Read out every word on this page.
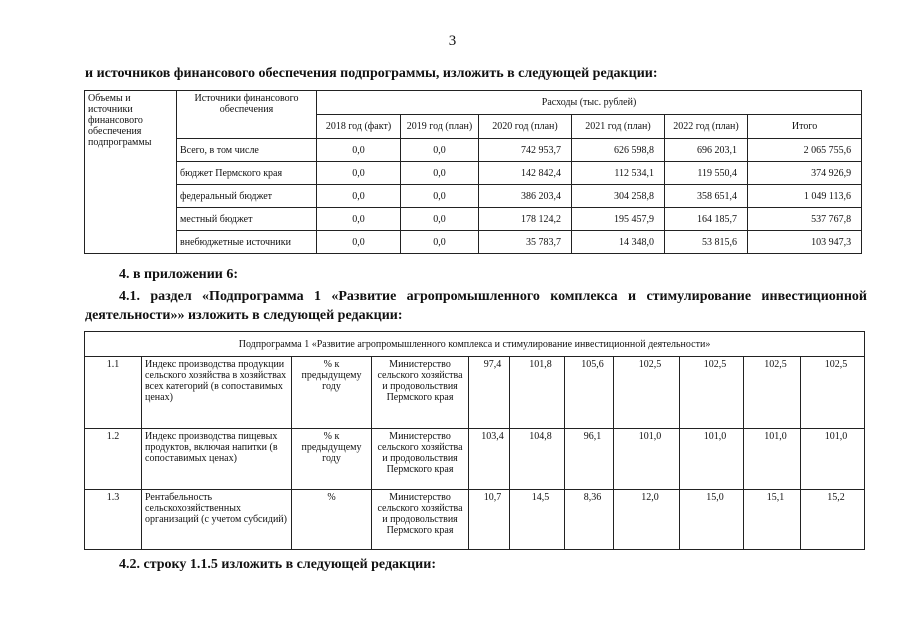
3
и источников финансового обеспечения подпрограммы, изложить в следующей редакции:
Объемы и источники финансового обеспечения подпрограммы	Источники финансового обеспечения	Расходы (тыс. рублей)					
		2018 год (факт)	2019 год (план)	2020 год (план)	2021 год (план)	2022 год (план)	Итого
	Всего, в том числе	0,0	0,0	742 953,7	626 598,8	696 203,1	2 065 755,6
	бюджет Пермского края	0,0	0,0	142 842,4	112 534,1	119 550,4	374 926,9
	федеральный бюджет	0,0	0,0	386 203,4	304 258,8	358 651,4	1 049 113,6
	местный бюджет	0,0	0,0	178 124,2	195 457,9	164 185,7	537 767,8
	внебюджетные источники	0,0	0,0	35 783,7	14 348,0	53 815,6	103 947,3
4. в приложении 6:
4.1. раздел «Подпрограмма 1 «Развитие агропромышленного комплекса и стимулирование инвестиционной деятельности»» изложить в следующей редакции:
Подпрограмма 1 «Развитие агропромышленного комплекса и стимулирование инвестиционной деятельности»										
1.1	Индекс производства продукции сельского хозяйства в хозяйствах всех категорий (в сопоставимых ценах)	% к предыдущему году	Министерство сельского хозяйства и продовольствия Пермского края	97,4	101,8	105,6	102,5	102,5	102,5	102,5
1.2	Индекс производства пищевых продуктов, включая напитки (в сопоставимых ценах)	% к предыдущему году	Министерство сельского хозяйства и продовольствия Пермского края	103,4	104,8	96,1	101,0	101,0	101,0	101,0
1.3	Рентабельность сельскохозяйственных организаций (с учетом субсидий)	%	Министерство сельского хозяйства и продовольствия Пермского края	10,7	14,5	8,36	12,0	15,0	15,1	15,2
4.2. строку 1.1.5 изложить в следующей редакции:
